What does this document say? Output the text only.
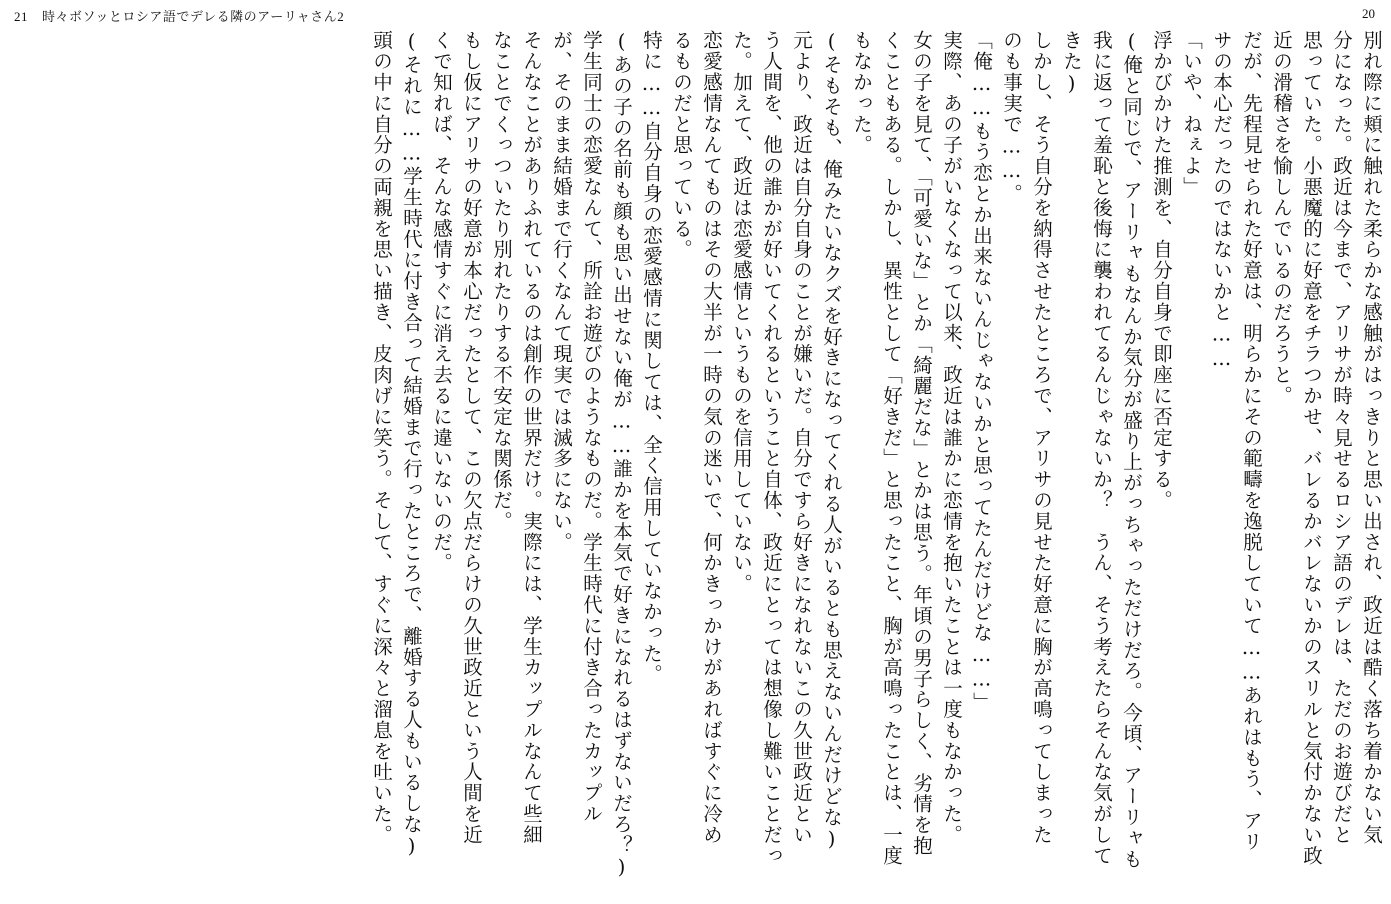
21 時々ボソッとロシア語でデレる隣のアーリャさん2	20
別れ際に頬に触れた柔らかな感触がはっきりと思い出され、政近は酷く落ち着かない気
分になった。政近は今まで、アリサが時々見せるロシア語のデレは、ただのお遊びだと
思っていた。小悪魔的に好意をチラつかせ、バレるかバレないかのスリルと気付かない政
近の滑稽さを愉しんでいるのだろうと。
だが、先程見せられた好意は、明らかにその範疇を逸脱していて……あれはもう、アリ
サの本心だったのではないかと……
「いや、ねぇよ」
浮かびかけた推測を、自分自身で即座に否定する。
(俺と同じで、アーリャもなんか気分が盛り上がっちゃっただけだろ。今頃、アーリャも
我に返って羞恥と後悔に襲われてるんじゃないか？　うん、そう考えたらそんな気がして
きた)
しかし、そう自分を納得させたところで、アリサの見せた好意に胸が高鳴ってしまった
のも事実で……。
「俺……もう恋とか出来ないんじゃないかと思ってたんだけどな……」
実際、あの子がいなくなって以来、政近は誰かに恋情を抱いたことは一度もなかった。
女の子を見て、「可愛いな」とか「綺麗だな」とかは思う。年頃の男子らしく、劣情を抱
くこともある。しかし、異性として「好きだ」と思ったこと、胸が高鳴ったことは、一度
もなかった。
(そもそも、俺みたいなクズを好きになってくれる人がいるとも思えないんだけどな)
元より、政近は自分自身のことが嫌いだ。自分ですら好きになれないこの久世政近とい
う人間を、他の誰かが好いてくれるということ自体、政近にとっては想像し難いことだっ
た。加えて、政近は恋愛感情というものを信用していない。
恋愛感情なんてものはその大半が一時の気の迷いで、何かきっかけがあればすぐに冷め
るものだと思っている。
特に……自分自身の恋愛感情に関しては、全く信用していなかった。
(あの子の名前も顔も思い出せない俺が……誰かを本気で好きになれるはずないだろ？)
学生同士の恋愛なんて、所詮お遊びのようなものだ。学生時代に付き合ったカップル
が、そのまま結婚まで行くなんて現実では滅多にない。
そんなことがありふれているのは創作の世界だけ。実際には、学生カップルなんて些細
なことでくっついたり別れたりする不安定な関係だ。
もし仮にアリサの好意が本心だったとして、この欠点だらけの久世政近という人間を近
くで知れば、そんな感情すぐに消え去るに違いないのだ。
(それに……学生時代に付き合って結婚まで行ったところで、離婚する人もいるしな)
頭の中に自分の両親を思い描き、皮肉げに笑う。そして、すぐに深々と溜息を吐いた。
